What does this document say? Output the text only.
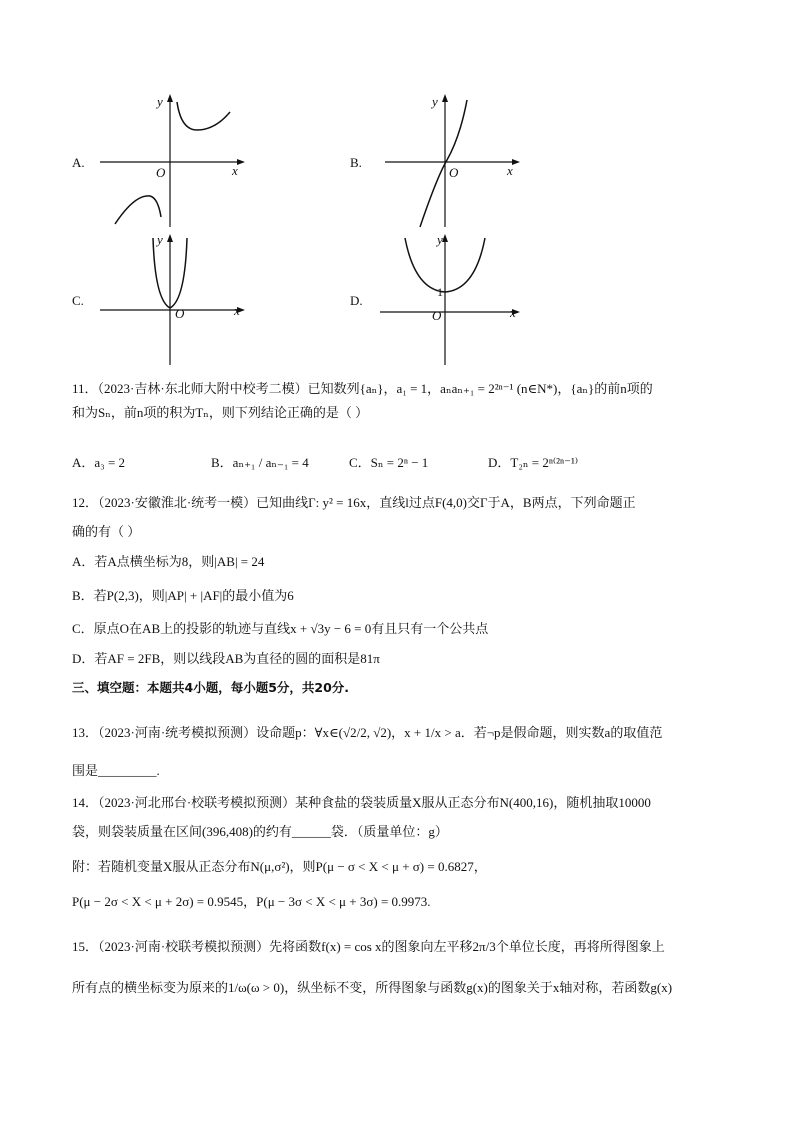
A.
y
x
O
B.
y
x
O
C.
y
x
O
D.
y
x
O
1
11．（2023·吉林·东北师大附中校考二模）已知数列{aₙ}，a₁ = 1，aₙaₙ₊₁ = 2²ⁿ⁻¹ (n∈N*)，{aₙ}的前n项的
和为Sₙ，前n项的积为Tₙ，则下列结论正确的是（ ）
A．a₃ = 2	B．aₙ₊₁ / aₙ₋₁ = 4	C．Sₙ = 2ⁿ − 1	D．T₂ₙ = 2ⁿ⁽²ⁿ⁻¹⁾
12．（2023·安徽淮北·统考一模）已知曲线Γ: y² = 16x，直线l过点F(4,0)交Γ于A，B两点，下列命题正
确的有（ ）
A．若A点横坐标为8，则|AB| = 24
B．若P(2,3)，则|AP| + |AF|的最小值为6
C．原点O在AB上的投影的轨迹与直线x + √3y − 6 = 0有且只有一个公共点
D．若AF = 2FB，则以线段AB为直径的圆的面积是81π
三、填空题：本题共4小题，每小题5分，共20分.
13．（2023·河南·统考模拟预测）设命题p：∀x∈(√2/2, √2)，x + 1/x > a．若¬p是假命题，则实数a的取值范
围是_________.
14．（2023·河北邢台·校联考模拟预测）某种食盐的袋装质量X服从正态分布N(400,16)，随机抽取10000
袋，则袋装质量在区间(396,408)的约有______袋．（质量单位：g）
附：若随机变量X服从正态分布N(μ,σ²)，则P(μ − σ < X < μ + σ) = 0.6827，
P(μ − 2σ < X < μ + 2σ) = 0.9545，P(μ − 3σ < X < μ + 3σ) = 0.9973.
15．（2023·河南·校联考模拟预测）先将函数f(x) = cos x的图象向左平移2π/3个单位长度，再将所得图象上
所有点的横坐标变为原来的1/ω(ω > 0)，纵坐标不变，所得图象与函数g(x)的图象关于x轴对称，若函数g(x)
